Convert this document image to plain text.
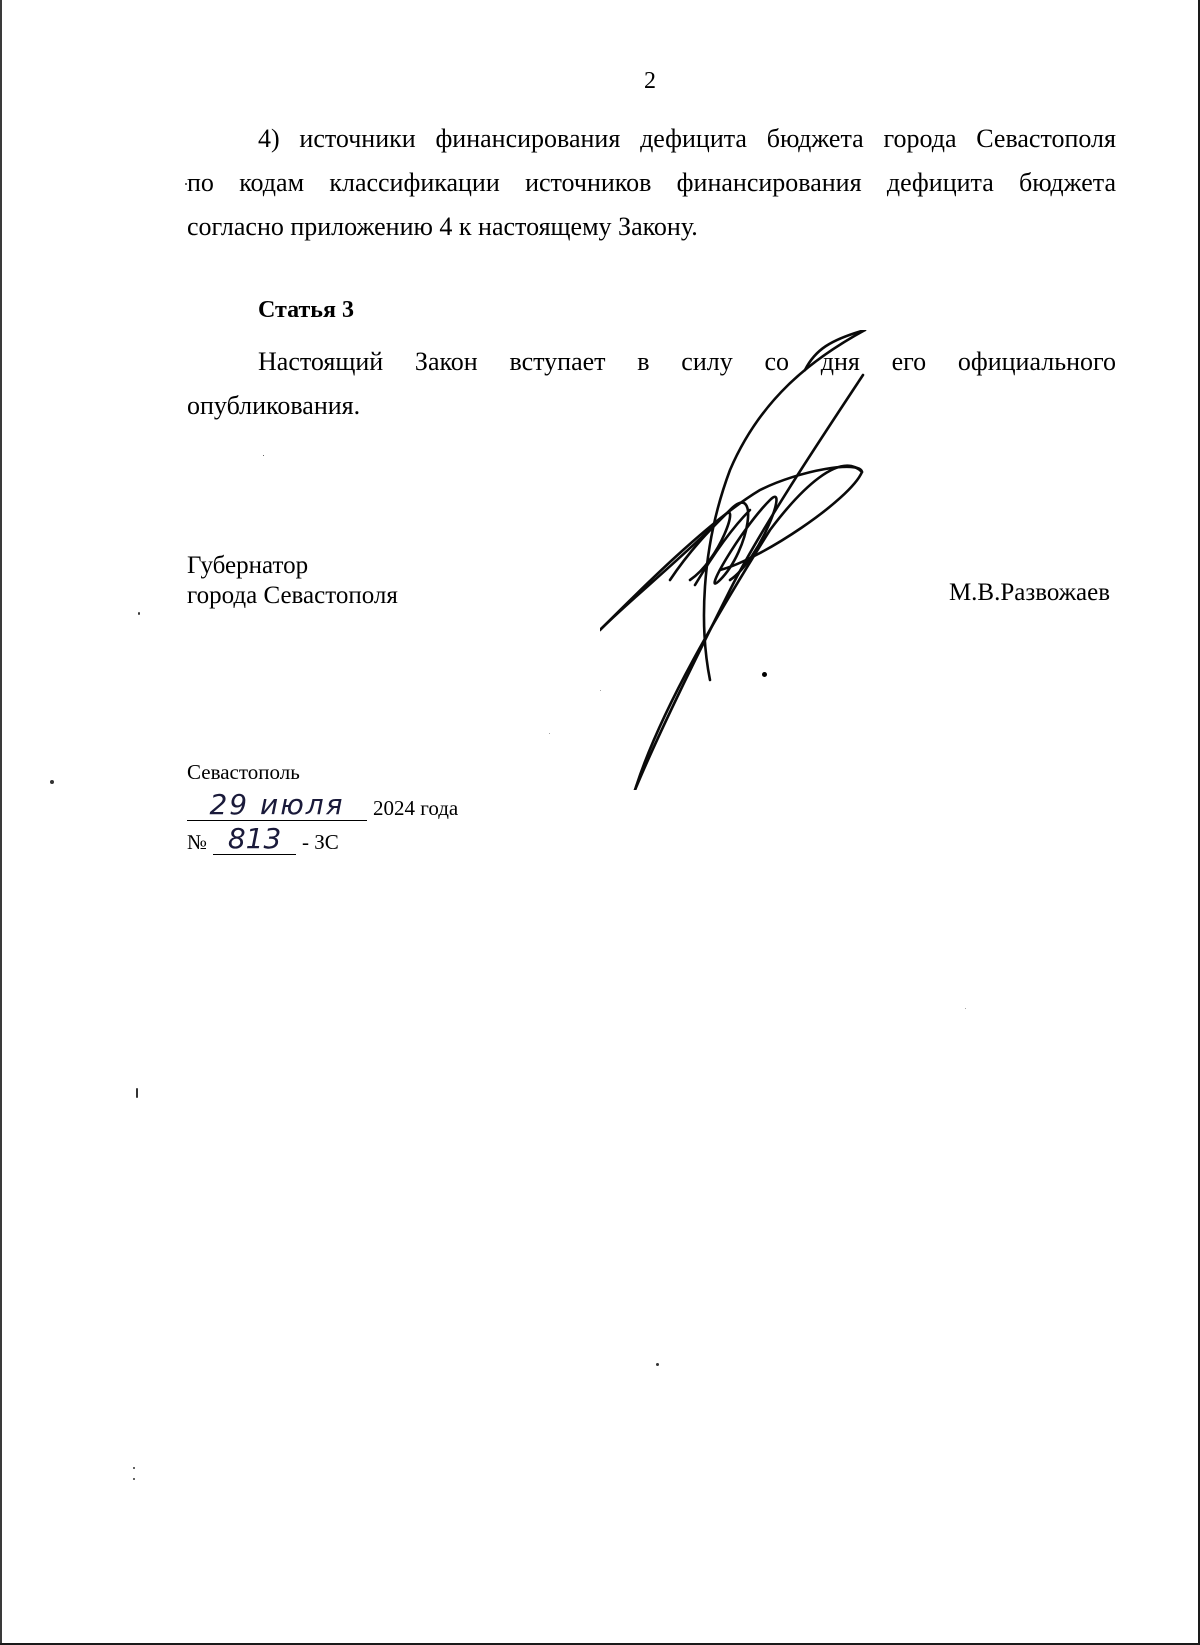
2
4) источники финансирования дефицита бюджета города Севастополя
по кодам классификации источников финансирования дефицита бюджета
согласно приложению 4 к настоящему Закону.
Статья 3
Настоящий Закон вступает в силу со дня его официального
опубликования.
Губернатор
города Севастополя	М.В.Развожаев
Севастополь
29 июля	2024 года
№ 813 - ЗС
